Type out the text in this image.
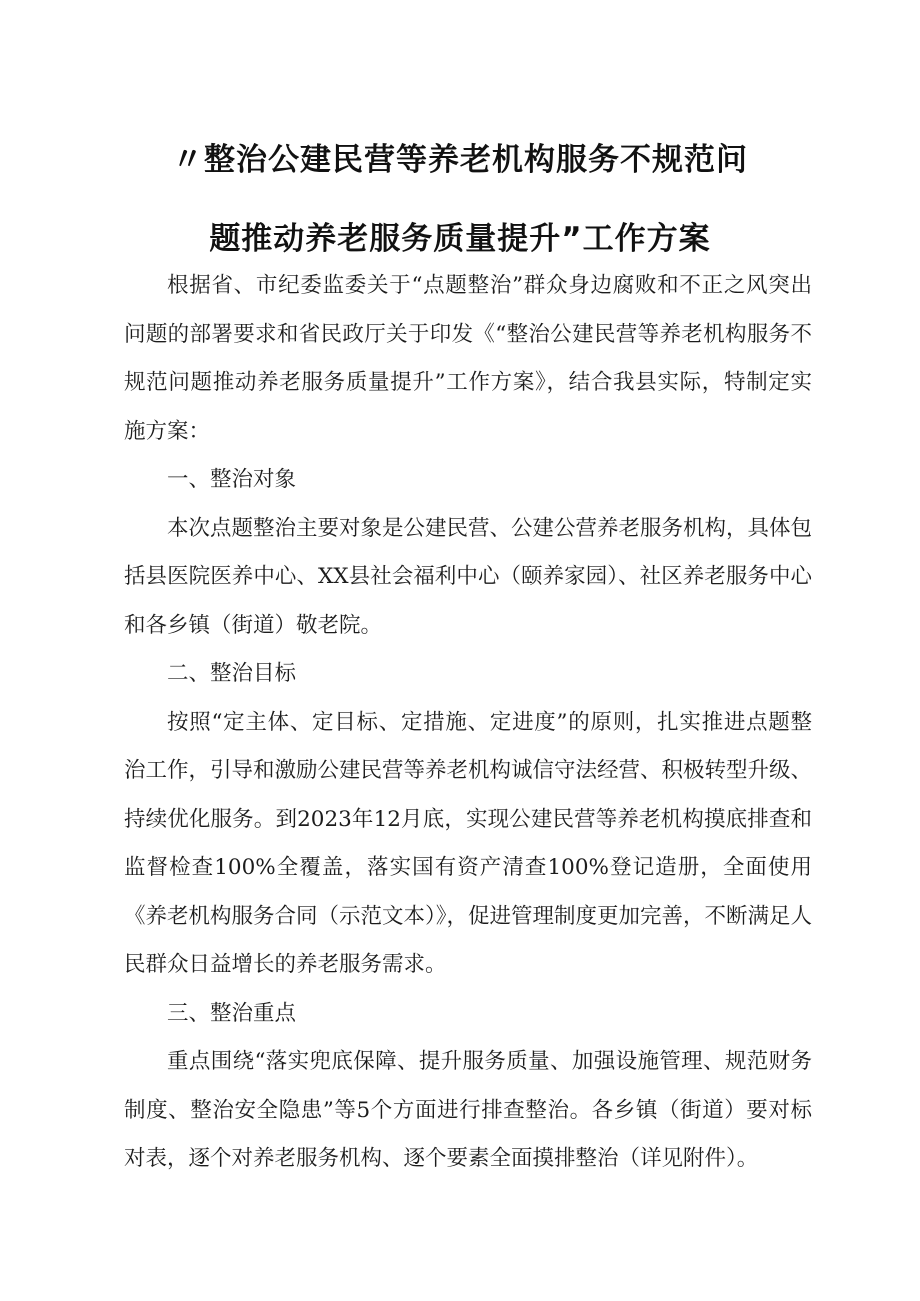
〃整治公建民营等养老机构服务不规范问
题推动养老服务质量提升”工作方案

根据省、市纪委监委关于“点题整治”群众身边腐败和不正之风突出问题的部署要求和省民政厅关于印发《“整治公建民营等养老机构服务不规范问题推动养老服务质量提升”工作方案》，结合我县实际，特制定实施方案：

一、整治对象

本次点题整治主要对象是公建民营、公建公营养老服务机构，具体包括县医院医养中心、XX县社会福利中心（颐养家园）、社区养老服务中心和各乡镇（街道）敬老院。

二、整治目标

按照“定主体、定目标、定措施、定进度”的原则，扎实推进点题整治工作，引导和激励公建民营等养老机构诚信守法经营、积极转型升级、持续优化服务。到2023年12月底，实现公建民营等养老机构摸底排查和监督检查100%全覆盖，落实国有资产清查100%登记造册，全面使用《养老机构服务合同（示范文本）》，促进管理制度更加完善，不断满足人民群众日益增长的养老服务需求。

三、整治重点

重点围绕“落实兜底保障、提升服务质量、加强设施管理、规范财务制度、整治安全隐患”等5个方面进行排查整治。各乡镇（街道）要对标对表，逐个对养老服务机构、逐个要素全面摸排整治（详见附件）。
